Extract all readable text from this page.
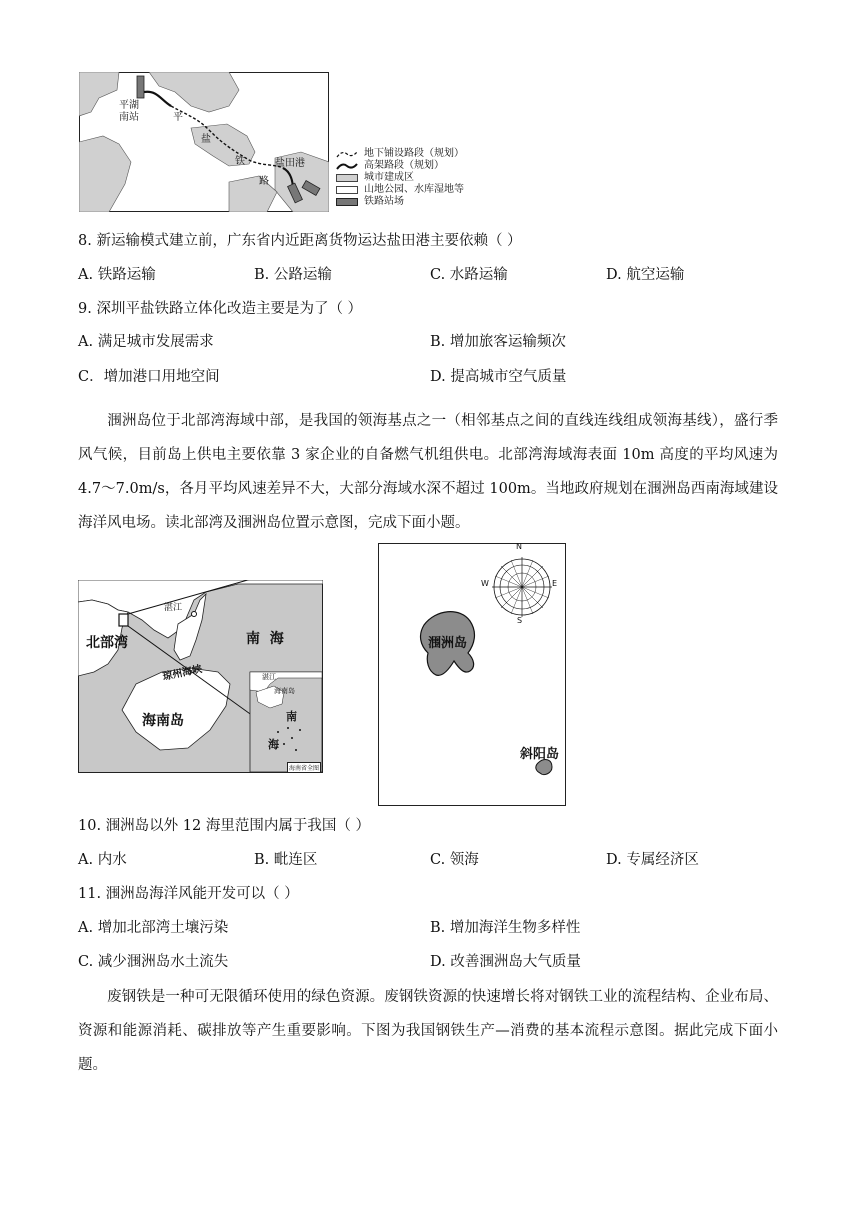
平湖
南站	平
盐
铁
路
盐田港
地下铺设路段（规划）
高架路段（规划）
城市建成区
山地公园、水库湿地等
铁路站场
8. 新运输模式建立前，广东省内近距离货物运达盐田港主要依赖（ ）
A. 铁路运输	B. 公路运输	C. 水路运输	D. 航空运输
9. 深圳平盐铁路立体化改造主要是为了（ ）
A. 满足城市发展需求	B. 增加旅客运输频次
C．增加港口用地空间	D. 提高城市空气质量
涠洲岛位于北部湾海域中部，是我国的领海基点之一（相邻基点之间的直线连线组成领海基线），盛行季风气候，目前岛上供电主要依靠 3 家企业的自备燃气机组供电。北部湾海域海表面 10m 高度的平均风速为 4.7～7.0m/s，各月平均风速差异不大，大部分海域水深不超过 100m。当地政府规划在涠洲岛西南海域建设海洋风电场。读北部湾及涠洲岛位置示意图，完成下面小题。
北部湾
湛江
南  海
琼州海峡
海南岛
湛江
海南岛
南
海
海南省全图
N
S
E
W
涠洲岛
斜阳岛
10. 涠洲岛以外 12 海里范围内属于我国（ ）
A. 内水	B. 毗连区	C. 领海	D. 专属经济区
11. 涠洲岛海洋风能开发可以（ ）
A. 增加北部湾土壤污染	B. 增加海洋生物多样性
C. 减少涠洲岛水土流失	D. 改善涠洲岛大气质量
废钢铁是一种可无限循环使用的绿色资源。废钢铁资源的快速增长将对钢铁工业的流程结构、企业布局、资源和能源消耗、碳排放等产生重要影响。下图为我国钢铁生产—消费的基本流程示意图。据此完成下面小题。
